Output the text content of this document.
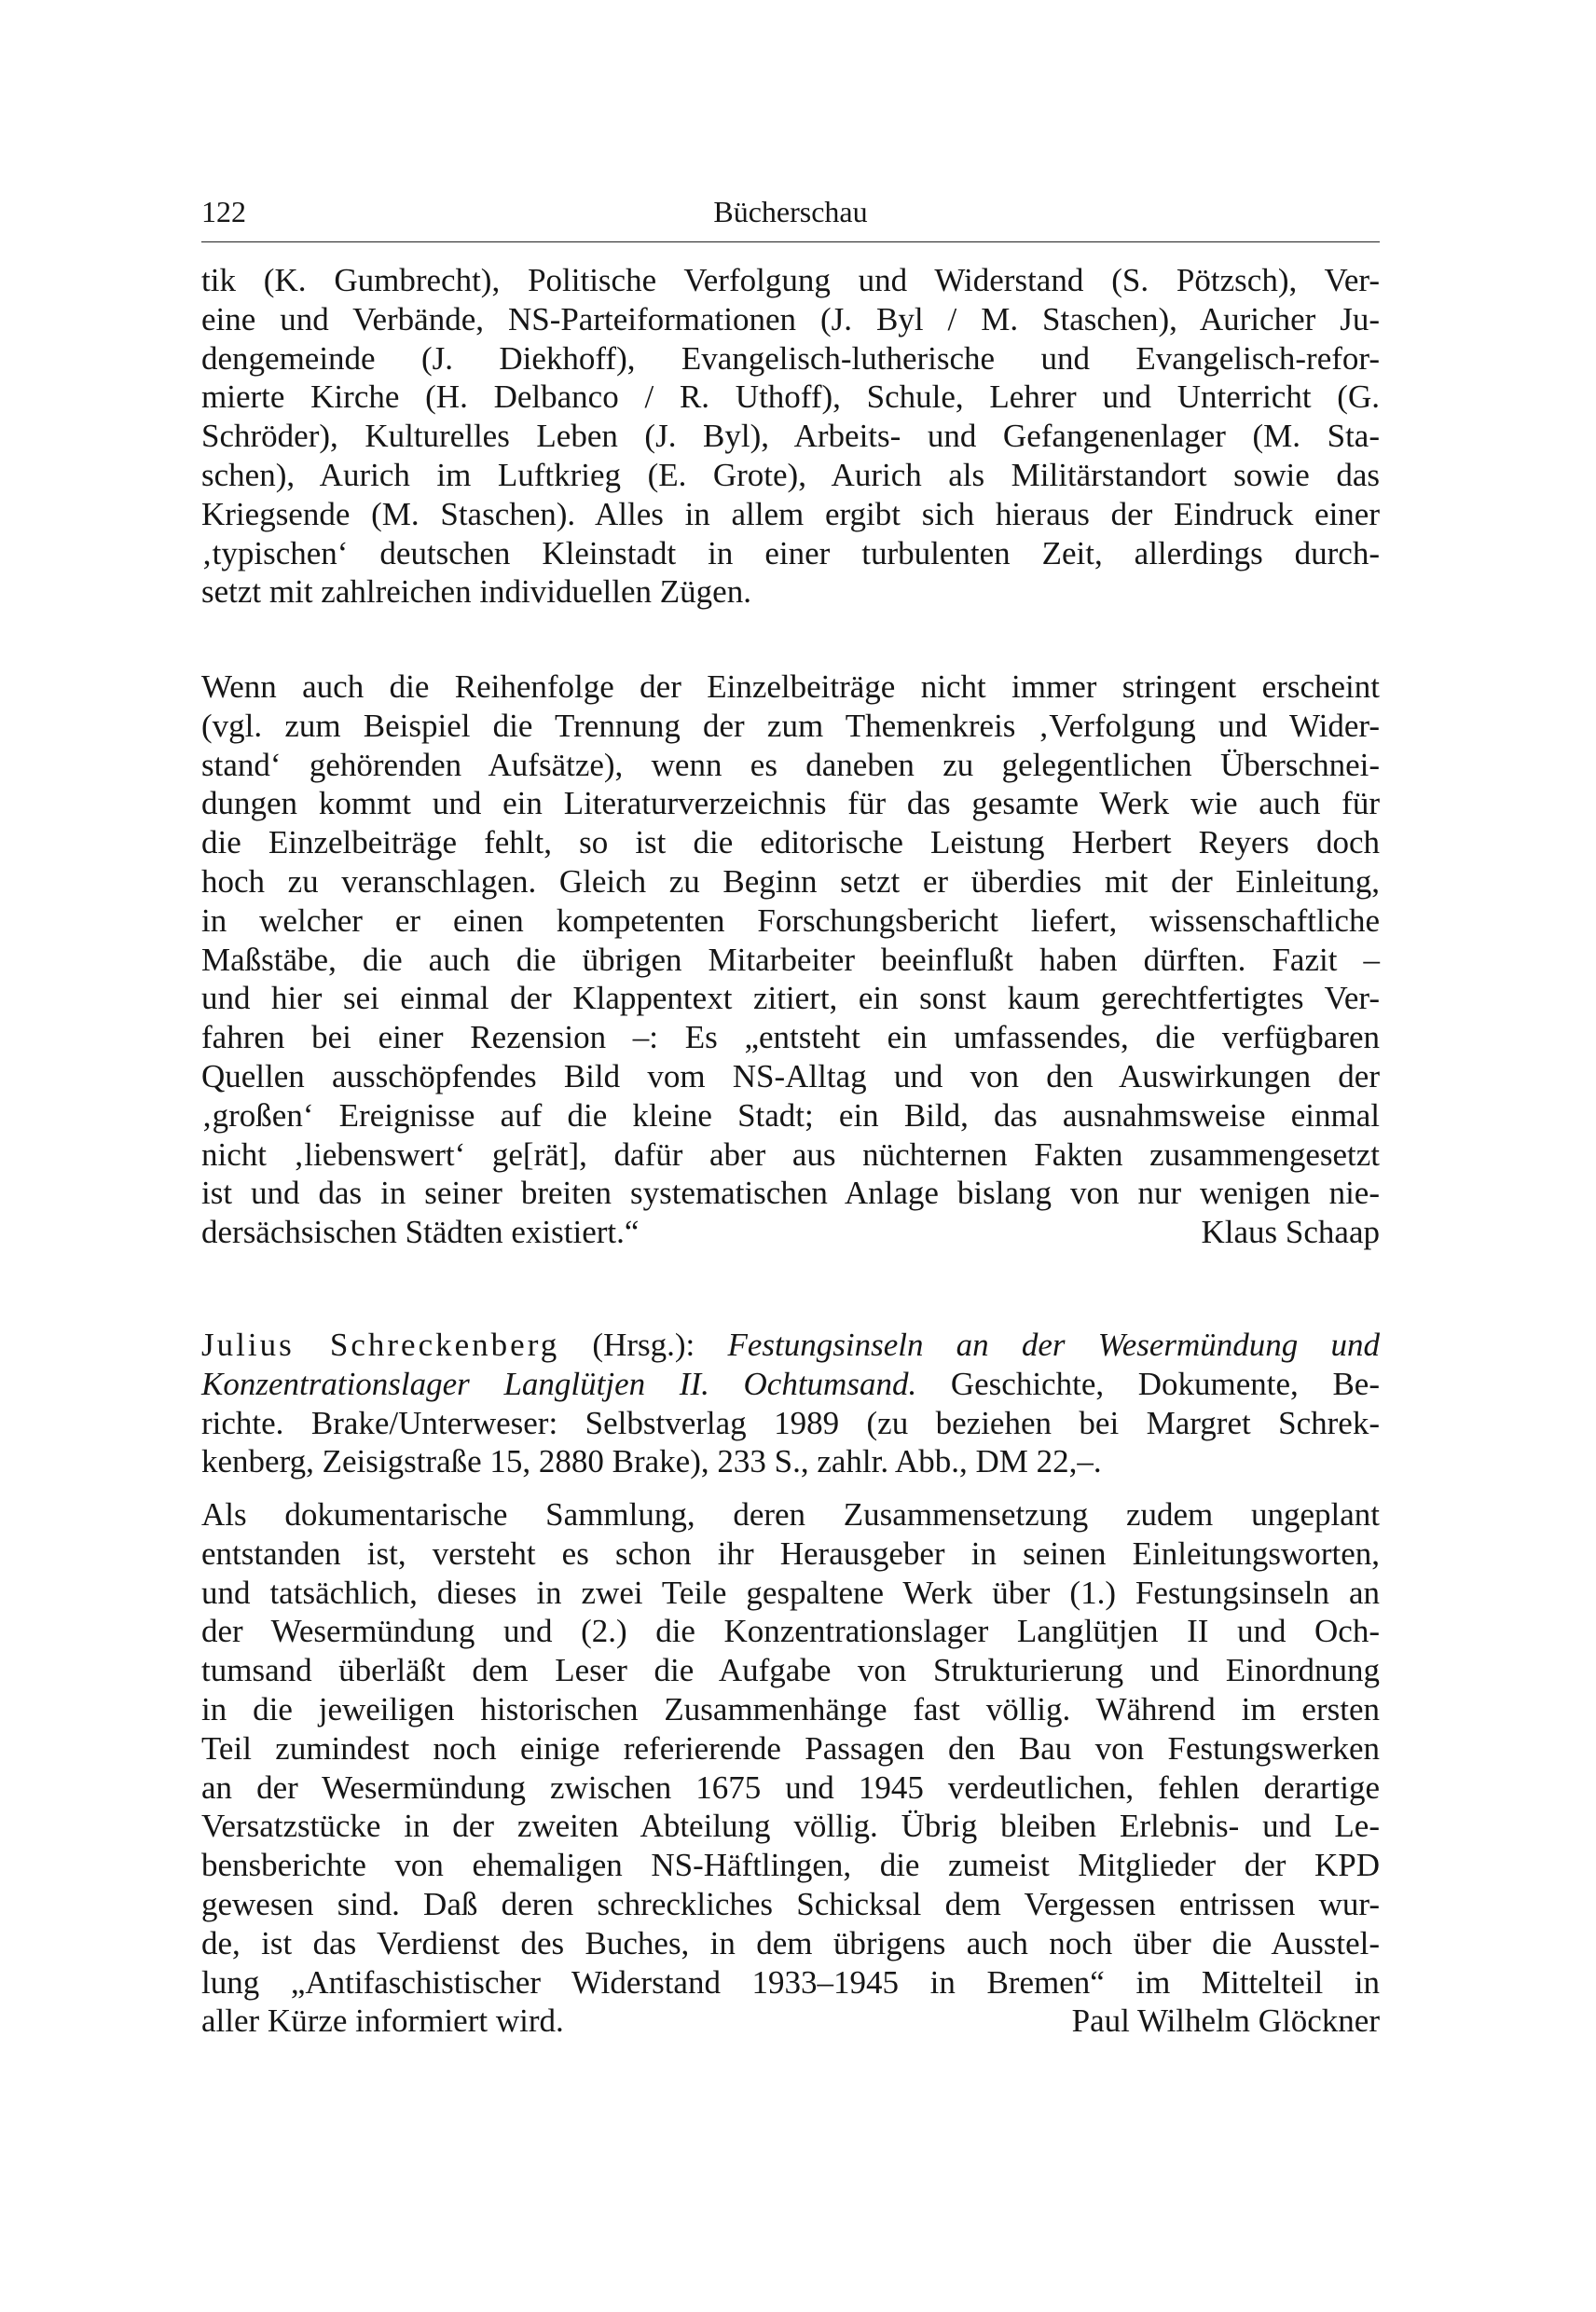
122	Bücherschau
tik (K. Gumbrecht), Politische Verfolgung und Widerstand (S. Pötzsch), Ver-
eine und Verbände, NS-Parteiformationen (J. Byl / M. Staschen), Auricher Ju-
dengemeinde (J. Diekhoff), Evangelisch-lutherische und Evangelisch-refor-
mierte Kirche (H. Delbanco / R. Uthoff), Schule, Lehrer und Unterricht (G.
Schröder), Kulturelles Leben (J. Byl), Arbeits- und Gefangenenlager (M. Sta-
schen), Aurich im Luftkrieg (E. Grote), Aurich als Militärstandort sowie das
Kriegsende (M. Staschen). Alles in allem ergibt sich hieraus der Eindruck einer
‚typischen‘ deutschen Kleinstadt in einer turbulenten Zeit, allerdings durch-
setzt mit zahlreichen individuellen Zügen.
Wenn auch die Reihenfolge der Einzelbeiträge nicht immer stringent erscheint
(vgl. zum Beispiel die Trennung der zum Themenkreis ‚Verfolgung und Wider-
stand‘ gehörenden Aufsätze), wenn es daneben zu gelegentlichen Überschnei-
dungen kommt und ein Literaturverzeichnis für das gesamte Werk wie auch für
die Einzelbeiträge fehlt, so ist die editorische Leistung Herbert Reyers doch
hoch zu veranschlagen. Gleich zu Beginn setzt er überdies mit der Einleitung,
in welcher er einen kompetenten Forschungsbericht liefert, wissenschaftliche
Maßstäbe, die auch die übrigen Mitarbeiter beeinflußt haben dürften. Fazit –
und hier sei einmal der Klappentext zitiert, ein sonst kaum gerechtfertigtes Ver-
fahren bei einer Rezension –: Es „entsteht ein umfassendes, die verfügbaren
Quellen ausschöpfendes Bild vom NS-Alltag und von den Auswirkungen der
‚großen‘ Ereignisse auf die kleine Stadt; ein Bild, das ausnahmsweise einmal
nicht ‚liebenswert‘ ge[rät], dafür aber aus nüchternen Fakten zusammengesetzt
ist und das in seiner breiten systematischen Anlage bislang von nur wenigen nie-
dersächsischen Städten existiert.“	Klaus Schaap
Julius Schreckenberg (Hrsg.): Festungsinseln an der Wesermündung und
Konzentrationslager Langlütjen II. Ochtumsand. Geschichte, Dokumente, Be-
richte. Brake/Unterweser: Selbstverlag 1989 (zu beziehen bei Margret Schrek-
kenberg, Zeisigstraße 15, 2880 Brake), 233 S., zahlr. Abb., DM 22,–.
Als dokumentarische Sammlung, deren Zusammensetzung zudem ungeplant
entstanden ist, versteht es schon ihr Herausgeber in seinen Einleitungsworten,
und tatsächlich, dieses in zwei Teile gespaltene Werk über (1.) Festungsinseln an
der Wesermündung und (2.) die Konzentrationslager Langlütjen II und Och-
tumsand überläßt dem Leser die Aufgabe von Strukturierung und Einordnung
in die jeweiligen historischen Zusammenhänge fast völlig. Während im ersten
Teil zumindest noch einige referierende Passagen den Bau von Festungswerken
an der Wesermündung zwischen 1675 und 1945 verdeutlichen, fehlen derartige
Versatzstücke in der zweiten Abteilung völlig. Übrig bleiben Erlebnis- und Le-
bensberichte von ehemaligen NS-Häftlingen, die zumeist Mitglieder der KPD
gewesen sind. Daß deren schreckliches Schicksal dem Vergessen entrissen wur-
de, ist das Verdienst des Buches, in dem übrigens auch noch über die Ausstel-
lung „Antifaschistischer Widerstand 1933–1945 in Bremen“ im Mittelteil in
aller Kürze informiert wird.	Paul Wilhelm Glöckner
